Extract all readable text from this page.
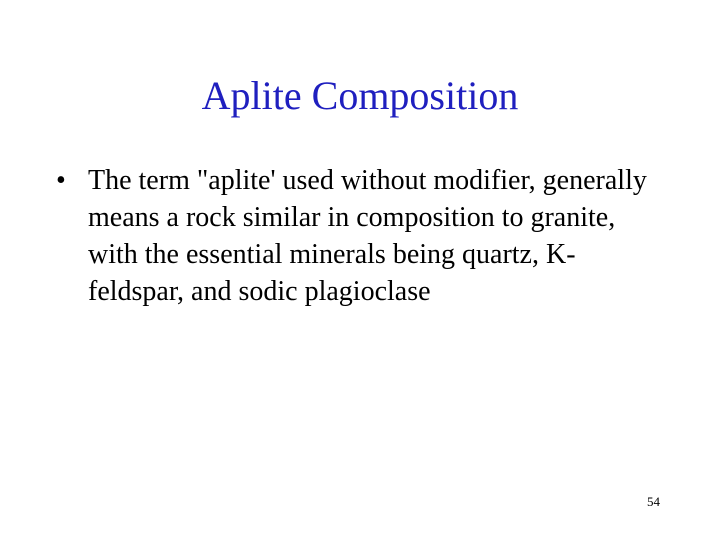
Aplite Composition
• The term "aplite' used without modifier, generally means a rock similar in composition to granite, with the essential minerals being quartz, K-feldspar, and sodic plagioclase
54
